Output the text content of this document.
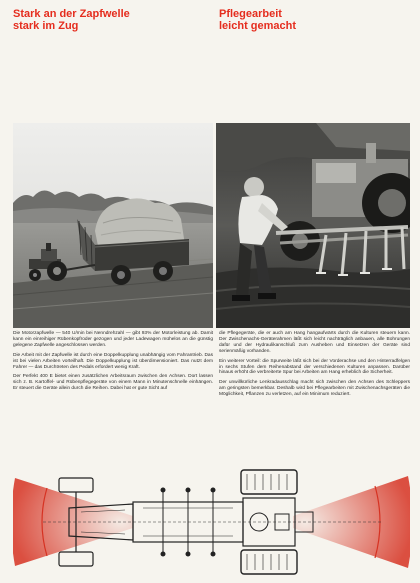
Stark an der Zapfwelle
stark im Zug
Pflegearbeit
leicht gemacht

Die Motorzapfwelle — 540 U/min bei Nenndrehzahl — gibt 93% der Motorleistung ab. Damit kann ein einreihiger Rübenkopfroder gezogen und jeder Ladewagen mühelos an die günstig gelegene Zapfwelle angeschlossen werden.

Die Arbeit mit der Zapfwelle ist durch eine Doppelkupplung unabhängig vom Fahrantrieb. Das ist bei vielen Arbeiten vorteilhaft. Die Doppelkupplung ist überdimensioniert. Das nutzt dem Fahrer — das Durchtreten des Pedals erfordert wenig Kraft.

Der Perfekt 400 E bietet einen zusätzlichen Arbeitsraum zwischen den Achsen. Dort lassen sich z. B. Kartoffel- und Rübenpflegegeräte von einem Mann in Minutenschnelle einhängen. Er steuert die Geräte allein durch die Reihen. Dabei hat er gute Sicht auf

die Pflegegeräte, die er auch am Hang hangaufwärts durch die Kulturen steuern kann. Der Zwischenachs-Geräterahmen läßt sich leicht nachträglich anbauen, alle Bohrungen dafür und der Hydraulikanschluß zum Ausheben und Einsetzen der Geräte sind serienmäßig vorhanden.

Ein weiterer Vorteil: die Spurweite läßt sich bei der Vorderachse und den Hinterradfelgen in sechs Stufen dem Reihenabstand der verschiedenen Kulturen anpassen. Darüber hinaus erhöht die verbreiterte Spur bei Arbeiten am Hang erheblich die Sicherheit.

Der unwillkürliche Lenkradausschlag macht sich zwischen den Achsen des Schleppers am geringsten bemerkbar. Deshalb wird bei Pflegearbeiten mit Zwischenachsgeräten die Möglichkeit, Pflanzen zu verletzen, auf ein Minimum reduziert.
